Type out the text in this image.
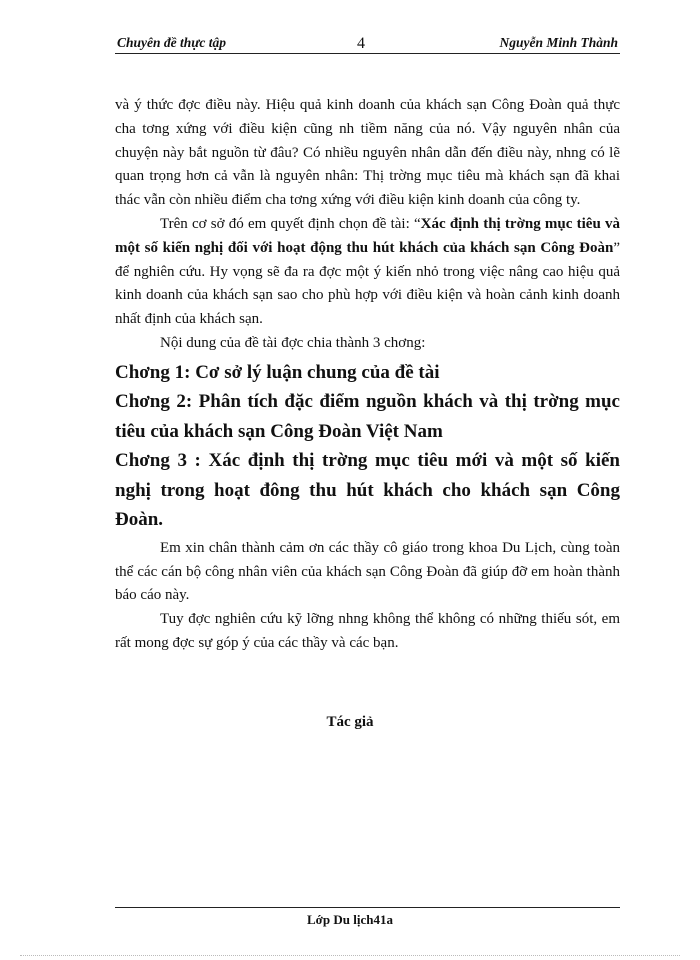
Chuyên đề thực tập	4	Nguyễn Minh Thành

và ý thức đợc điều này. Hiệu quả kinh doanh của khách sạn Công Đoàn quả thực cha tơng xứng với điều kiện cũng nh tiềm năng của nó. Vậy nguyên nhân của chuyện này bắt nguồn từ đâu? Có nhiều nguyên nhân dẫn đến điều này, nhng có lẽ quan trọng hơn cả vẫn là nguyên nhân: Thị trờng mục tiêu mà khách sạn đã khai thác vẫn còn nhiều điểm cha tơng xứng với điều kiện kinh doanh của công ty.

Trên cơ sở đó em quyết định chọn đề tài: “Xác định thị trờng mục tiêu và một số kiến nghị đối với hoạt động thu hút khách của khách sạn Công Đoàn” để nghiên cứu. Hy vọng sẽ đa ra đợc một ý kiến nhỏ trong việc nâng cao hiệu quả kinh doanh của khách sạn sao cho phù hợp với điều kiện và hoàn cảnh kinh doanh nhất định của khách sạn.

Nội dung của đề tài đợc chia thành 3 chơng:

Chơng 1: Cơ sở lý luận chung của đề tài
Chơng 2: Phân tích đặc điểm nguồn khách và thị trờng mục tiêu của khách sạn Công Đoàn Việt Nam
Chơng 3 : Xác định thị trờng mục tiêu mới và một số kiến nghị trong hoạt đông thu hút khách cho khách sạn Công Đoàn.

Em xin chân thành cảm ơn các thầy cô giáo trong khoa Du Lịch, cùng toàn thể các cán bộ công nhân viên của khách sạn Công Đoàn đã giúp đỡ em hoàn thành báo cáo này.

Tuy đợc nghiên cứu kỹ lỡng nhng không thể không có những thiếu sót, em rất mong đợc sự góp ý của các thầy và các bạn.

Tác giả
Lớp Du lịch41a
